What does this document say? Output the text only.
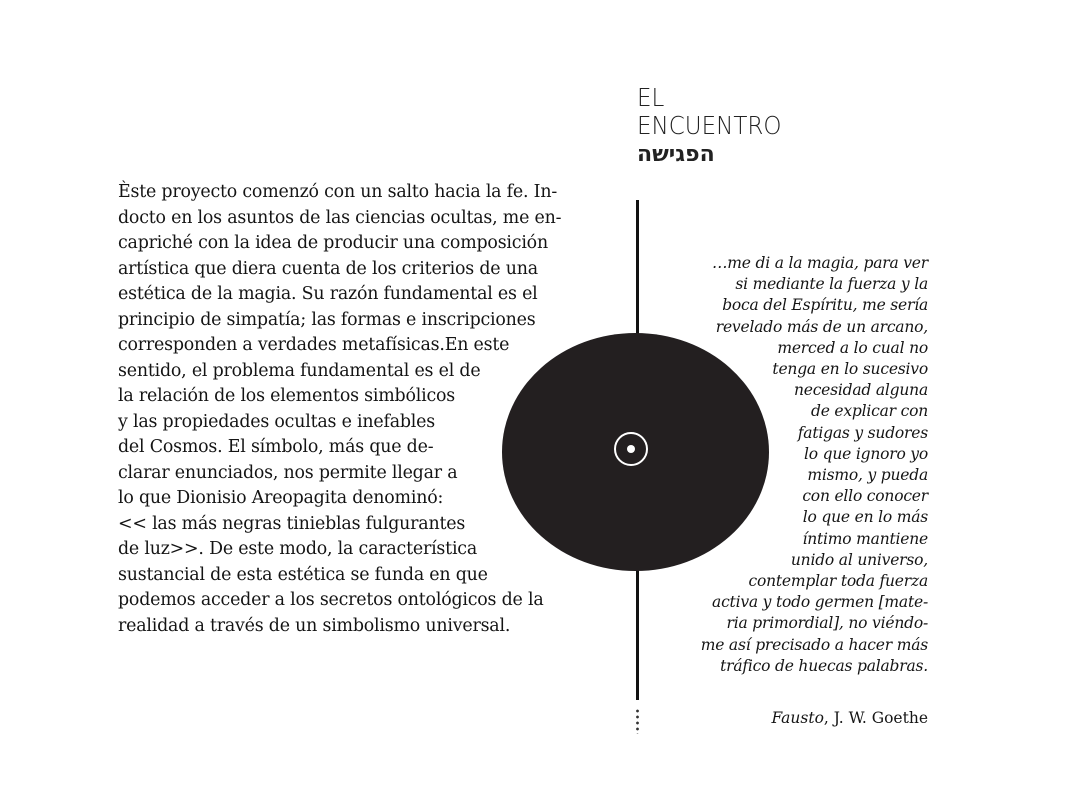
EL
ENCUENTRO
הפגישה

Èste proyecto comenzó con un salto hacia la fe. In-
docto en los asuntos de las ciencias ocultas, me en-
capriché con la idea de producir una composición
artística que diera cuenta de los criterios de una
estética de la magia. Su razón fundamental es el
principio de simpatía; las formas e inscripciones
corresponden a verdades metafísicas.En este
sentido, el problema fundamental es el de
la relación de los elementos simbólicos
y las propiedades ocultas e inefables
del Cosmos. El símbolo, más que de-
clarar enunciados, nos permite llegar a
lo que Dionisio Areopagita denominó:
<< las más negras tinieblas fulgurantes
de luz>>. De este modo, la característica
sustancial de esta estética se funda en que
podemos acceder a los secretos ontológicos de la
realidad a través de un simbolismo universal.

…me di a la magia, para ver
si mediante la fuerza y la
boca del Espíritu, me sería
revelado más de un arcano,
merced a lo cual no
tenga en lo sucesivo
necesidad alguna
de explicar con
fatigas y sudores
lo que ignoro yo
mismo, y pueda
con ello conocer
lo que en lo más
íntimo mantiene
unido al universo,
contemplar toda fuerza
activa y todo germen [mate-
ria primordial], no viéndo-
me así precisado a hacer más
tráfico de huecas palabras.

Fausto, J. W. Goethe
